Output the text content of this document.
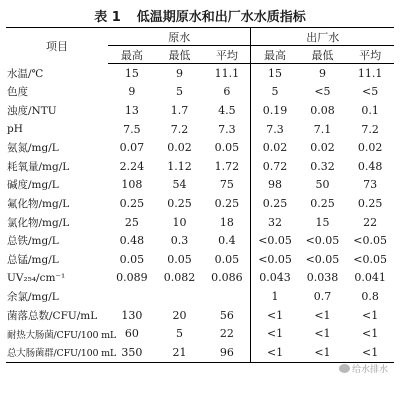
表 1 低温期原水和出厂水水质指标
项目	原水			出厂水		
	最高	最低	平均	最高	最低	平均
水温/℃	15	9	11.1	15	9	11.1
色度	9	5	6	5	<5	<5
浊度/NTU	13	1.7	4.5	0.19	0.08	0.1
pH	7.5	7.2	7.3	7.3	7.1	7.2
氨氮/mg/L	0.07	0.02	0.05	0.02	0.02	0.02
耗氧量/mg/L	2.24	1.12	1.72	0.72	0.32	0.48
碱度/mg/L	108	54	75	98	50	73
氟化物/mg/L	0.25	0.25	0.25	0.25	0.25	0.25
氯化物/mg/L	25	10	18	32	15	22
总铁/mg/L	0.48	0.3	0.4	<0.05	<0.05	<0.05
总锰/mg/L	0.05	0.05	0.05	<0.05	<0.05	<0.05
UV₂₅₄/cm⁻¹	0.089	0.082	0.086	0.043	0.038	0.041
余氯/mg/L				1	0.7	0.8
菌落总数/CFU/mL	130	20	56	<1	<1	<1
耐热大肠菌/CFU/100 mL	60	5	22	<1	<1	<1
总大肠菌群/CFU/100 mL	350	21	96	<1	<1	<1
给水排水
